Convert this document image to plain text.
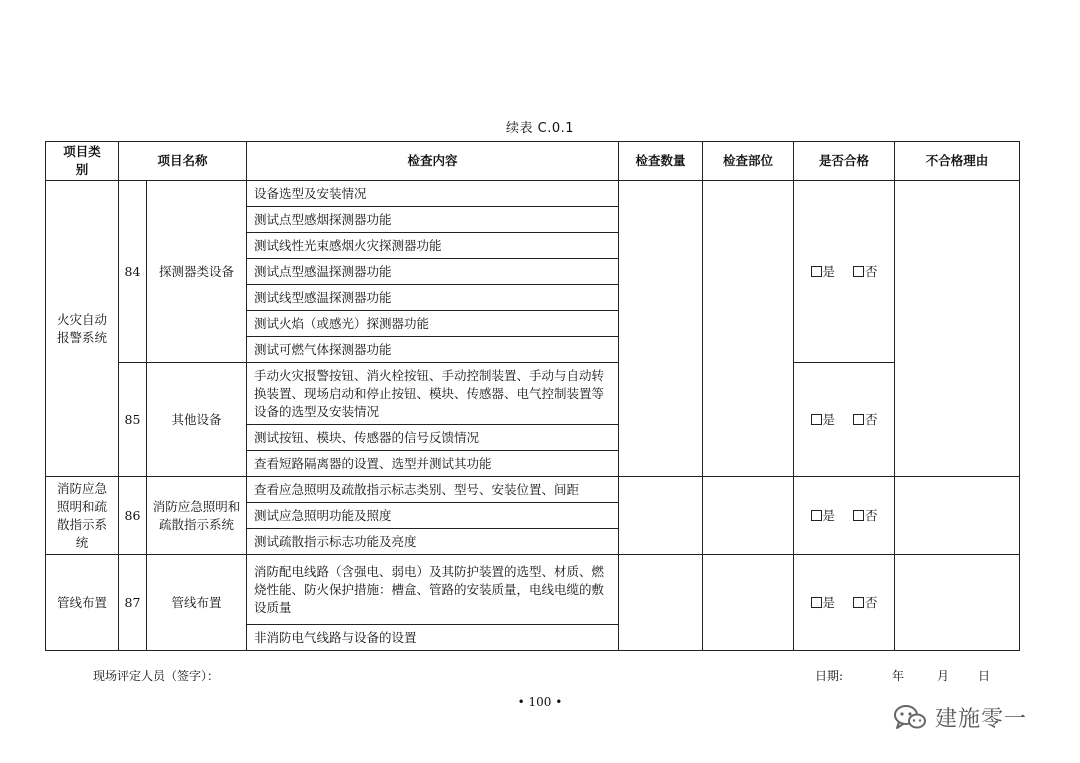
续表 C.0.1
项目类别	项目名称		检查内容	检查数量	检查部位	是否合格	不合格理由
火灾自动报警系统	84	探测器类设备	设备选型及安装情况			是 否	
			测试点型感烟探测器功能				
			测试线性光束感烟火灾探测器功能				
			测试点型感温探测器功能				
			测试线型感温探测器功能				
			测试火焰（或感光）探测器功能				
			测试可燃气体探测器功能				
	85	其他设备	手动火灾报警按钮、消火栓按钮、手动控制装置、手动与自动转换装置、现场启动和停止按钮、模块、传感器、电气控制装置等设备的选型及安装情况			是 否	
			测试按钮、模块、传感器的信号反馈情况				
			查看短路隔离器的设置、选型并测试其功能				
消防应急照明和疏散指示系统	86	消防应急照明和疏散指示系统	查看应急照明及疏散指示标志类别、型号、安装位置、间距			是 否	
			测试应急照明功能及照度				
			测试疏散指示标志功能及亮度				
管线布置	87	管线布置	消防配电线路（含强电、弱电）及其防护装置的选型、材质、燃烧性能、防火保护措施：槽盒、管路的安装质量，电线电缆的敷设质量			是 否	
			非消防电气线路与设备的设置				
现场评定人员（签字）：	日期:	年	月 日
• 100 •
建施零一
